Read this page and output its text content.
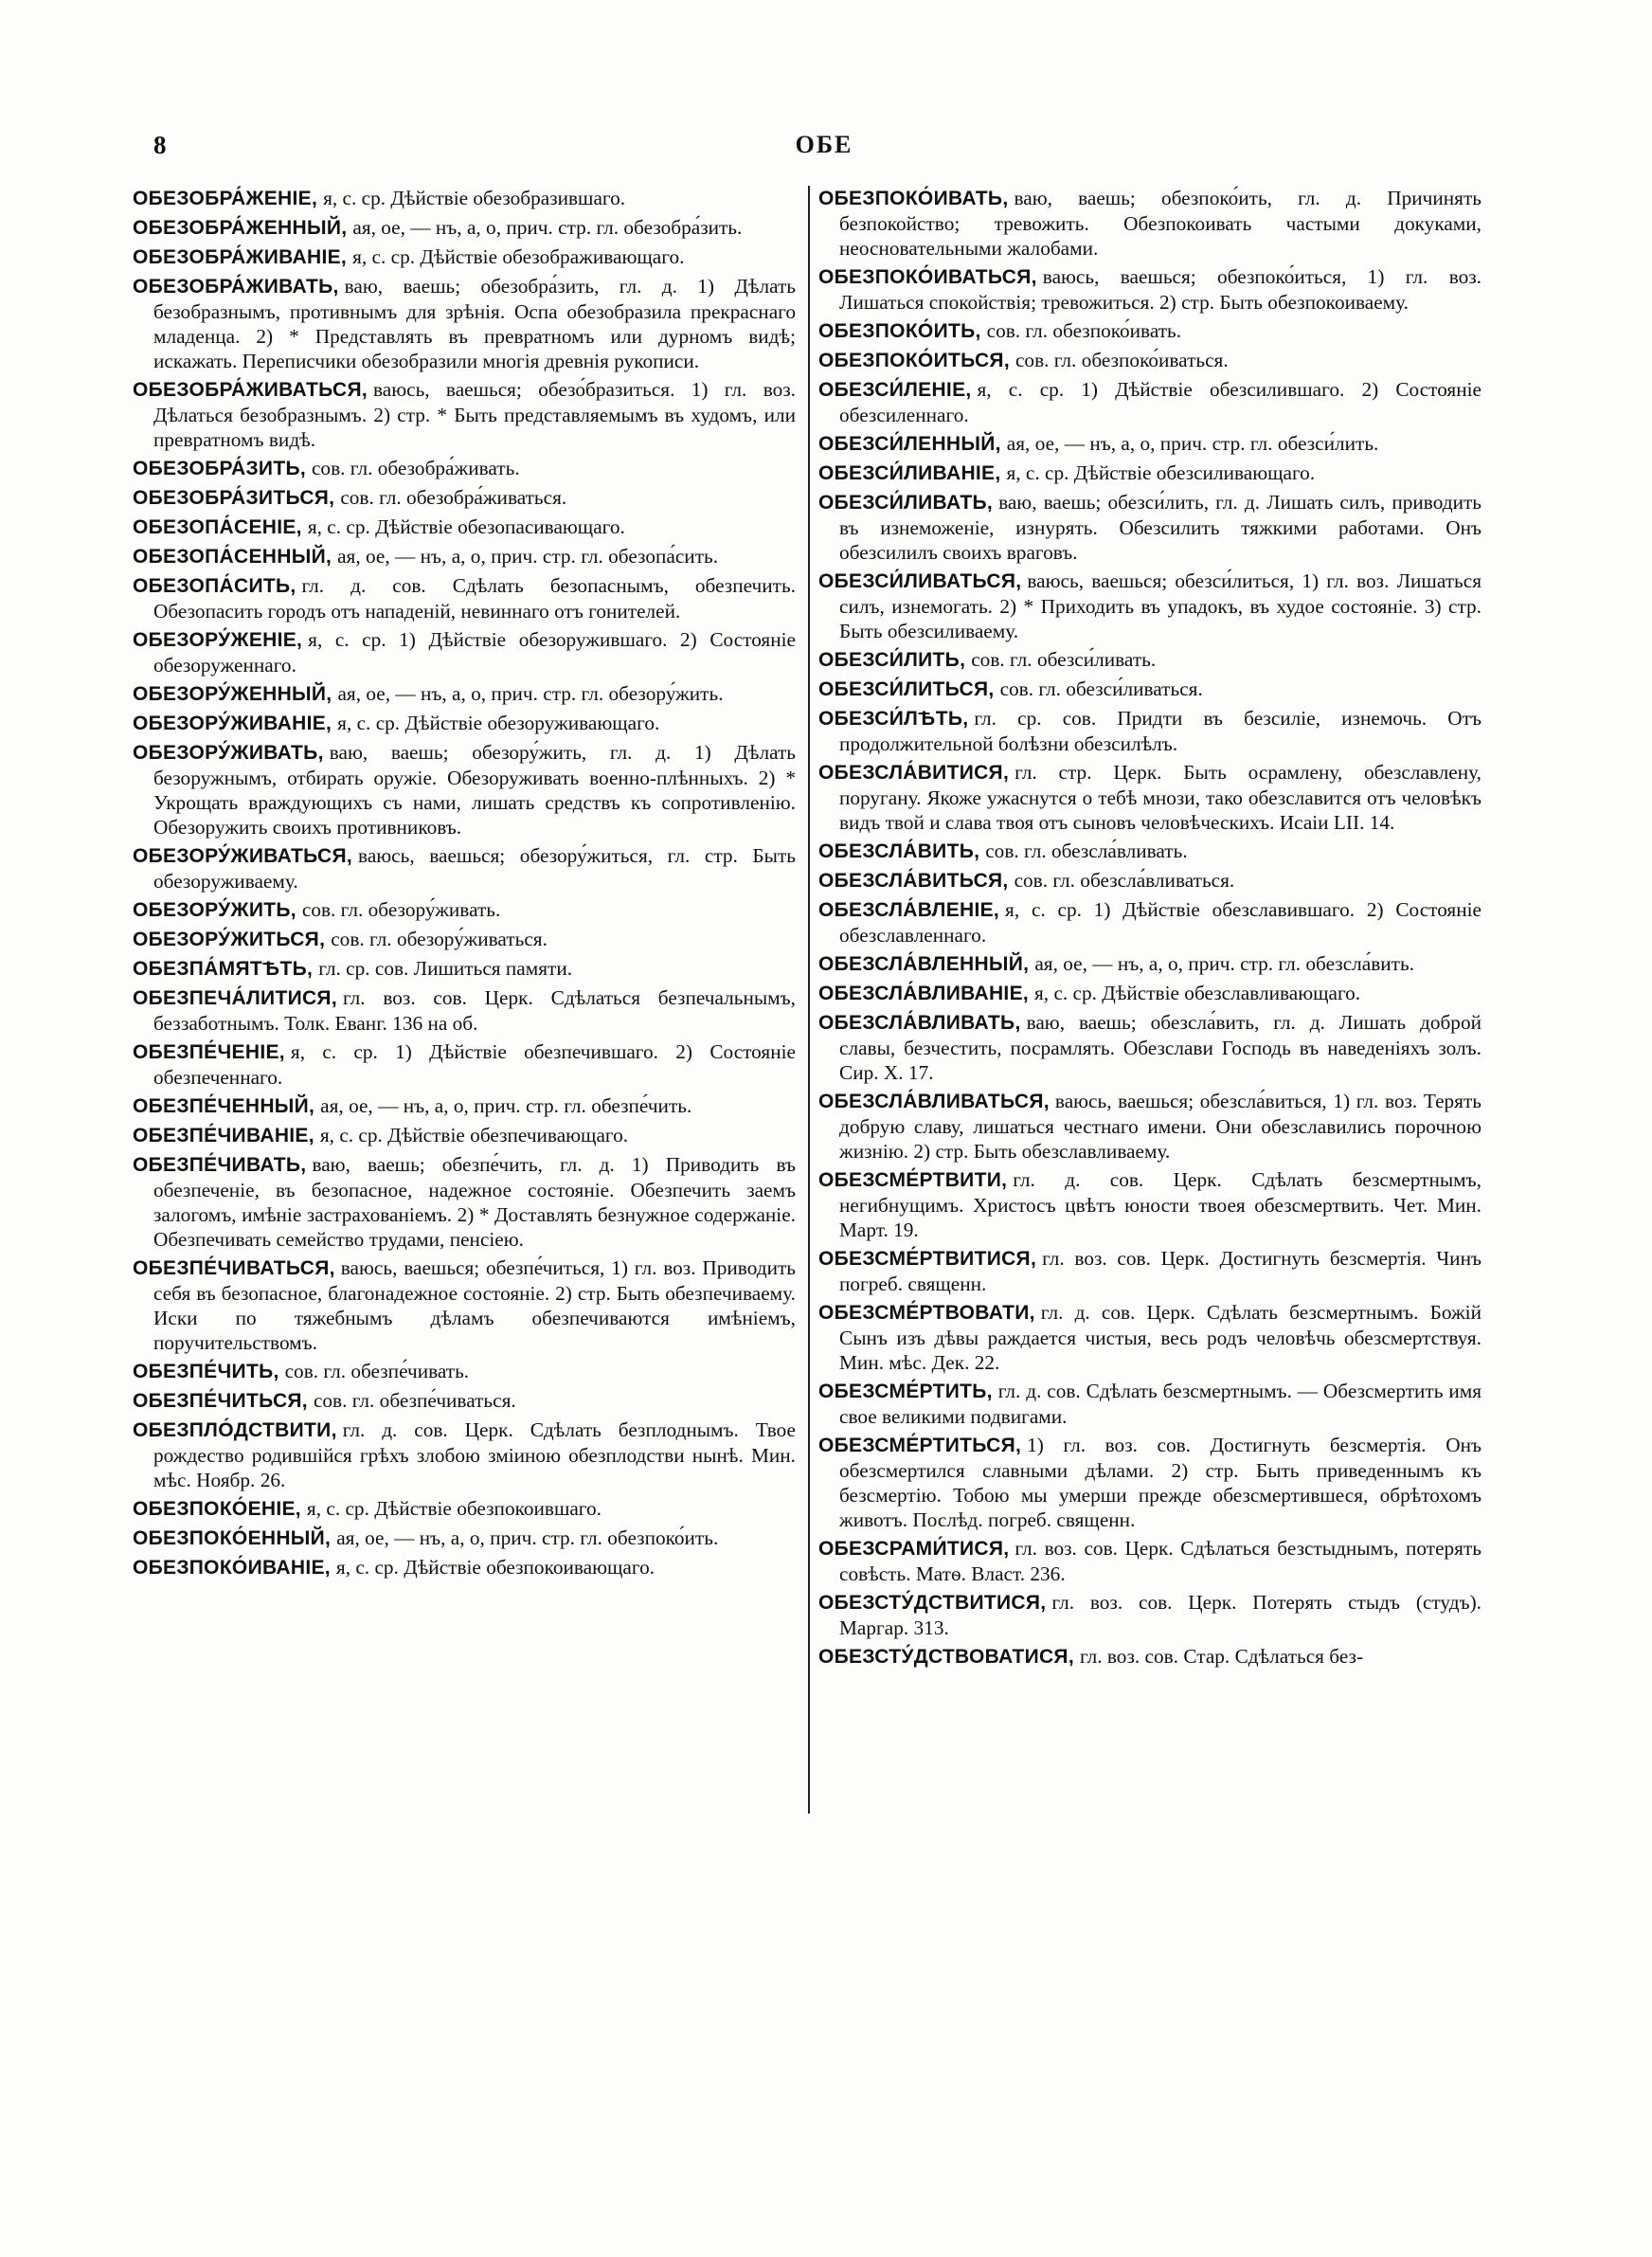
8	ОБЕ

ОБЕЗОБРА́ЖЕНІЕ, я, с. ср. Дѣйствіе обезобразившаго.

ОБЕЗОБРА́ЖЕННЫЙ, ая, ое, — нъ, а, о, прич. стр. гл. обезобра́зить.

ОБЕЗОБРА́ЖИВАНІЕ, я, с. ср. Дѣйствіе обезображивающаго.

ОБЕЗОБРА́ЖИВАТЬ, ваю, ваешь; обезобра́зить, гл. д. 1) Дѣлать безобразнымъ, противнымъ для зрѣнія. Оспа обезобразила прекраснаго младенца. 2) * Представлять въ превратномъ или дурномъ видѣ; искажать. Переписчики обезобразили многія древнія рукописи.

ОБЕЗОБРА́ЖИВАТЬСЯ, ваюсь, ваешься; обезо́бразиться. 1) гл. воз. Дѣлаться безобразнымъ. 2) стр. * Быть представляемымъ въ худомъ, или превратномъ видѣ.

ОБЕЗОБРА́ЗИТЬ, сов. гл. обезобра́живать.

ОБЕЗОБРА́ЗИТЬСЯ, сов. гл. обезобра́живаться.

ОБЕЗОПА́СЕНІЕ, я, с. ср. Дѣйствіе обезопасивающаго.

ОБЕЗОПА́СЕННЫЙ, ая, ое, — нъ, а, о, прич. стр. гл. обезопа́сить.

ОБЕЗОПА́СИТЬ, гл. д. сов. Сдѣлать безопаснымъ, обезпечить. Обезопасить городъ отъ нападеній, невиннаго отъ гонителей.

ОБЕЗОРУ́ЖЕНІЕ, я, с. ср. 1) Дѣйствіе обезоружившаго. 2) Состояніе обезоруженнаго.

ОБЕЗОРУ́ЖЕННЫЙ, ая, ое, — нъ, а, о, прич. стр. гл. обезору́жить.

ОБЕЗОРУ́ЖИВАНІЕ, я, с. ср. Дѣйствіе обезоруживающаго.

ОБЕЗОРУ́ЖИВАТЬ, ваю, ваешь; обезору́жить, гл. д. 1) Дѣлать безоружнымъ, отбирать оружіе. Обезоруживать военно-плѣнныхъ. 2) * Укрощать враждующихъ съ нами, лишать средствъ къ сопротивленію. Обезоружить своихъ противниковъ.

ОБЕЗОРУ́ЖИВАТЬСЯ, ваюсь, ваешься; обезору́житься, гл. стр. Быть обезоруживаему.

ОБЕЗОРУ́ЖИТЬ, сов. гл. обезору́живать.

ОБЕЗОРУ́ЖИТЬСЯ, сов. гл. обезору́живаться.

ОБЕЗПА́МЯТѢТЬ, гл. ср. сов. Лишиться памяти.

ОБЕЗПЕЧА́ЛИТИСЯ, гл. воз. сов. Церк. Сдѣлаться безпечальнымъ, беззаботнымъ. Толк. Еванг. 136 на об.

ОБЕЗПЕ́ЧЕНІЕ, я, с. ср. 1) Дѣйствіе обезпечившаго. 2) Состояніе обезпеченнаго.

ОБЕЗПЕ́ЧЕННЫЙ, ая, ое, — нъ, а, о, прич. стр. гл. обезпе́чить.

ОБЕЗПЕ́ЧИВАНІЕ, я, с. ср. Дѣйствіе обезпечивающаго.

ОБЕЗПЕ́ЧИВАТЬ, ваю, ваешь; обезпе́чить, гл. д. 1) Приводить въ обезпеченіе, въ безопасное, надежное состояніе. Обезпечить заемъ залогомъ, имѣніе застрахованіемъ. 2) * Доставлять безнужное содержаніе. Обезпечивать семейство трудами, пенсіею.

ОБЕЗПЕ́ЧИВАТЬСЯ, ваюсь, ваешься; обезпе́читься, 1) гл. воз. Приводить себя въ безопасное, благонадежное состояніе. 2) стр. Быть обезпечиваему. Иски по тяжебнымъ дѣламъ обезпечиваются имѣніемъ, поручительствомъ.

ОБЕЗПЕ́ЧИТЬ, сов. гл. обезпе́чивать.

ОБЕЗПЕ́ЧИТЬСЯ, сов. гл. обезпе́чиваться.

ОБЕЗПЛО́ДСТВИТИ, гл. д. сов. Церк. Сдѣлать безплоднымъ. Твое рождество родившійся грѣхъ злобою зміиною обезплодстви нынѣ. Мин. мѣс. Ноябр. 26.

ОБЕЗПОКО́ЕНІЕ, я, с. ср. Дѣйствіе обезпокоившаго.

ОБЕЗПОКО́ЕННЫЙ, ая, ое, — нъ, а, о, прич. стр. гл. обезпоко́ить.

ОБЕЗПОКО́ИВАНІЕ, я, с. ср. Дѣйствіе обезпокоивающаго.

ОБЕЗПОКО́ИВАТЬ, ваю, ваешь; обезпоко́ить, гл. д. Причинять безпокойство; тревожить. Обезпокоивать частыми докуками, неосновательными жалобами.

ОБЕЗПОКО́ИВАТЬСЯ, ваюсь, ваешься; обезпоко́иться, 1) гл. воз. Лишаться спокойствія; тревожиться. 2) стр. Быть обезпокоиваему.

ОБЕЗПОКО́ИТЬ, сов. гл. обезпоко́ивать.

ОБЕЗПОКО́ИТЬСЯ, сов. гл. обезпоко́иваться.

ОБЕЗСИ́ЛЕНІЕ, я, с. ср. 1) Дѣйствіе обезсилившаго. 2) Состояніе обезсиленнаго.

ОБЕЗСИ́ЛЕННЫЙ, ая, ое, — нъ, а, о, прич. стр. гл. обезси́лить.

ОБЕЗСИ́ЛИВАНІЕ, я, с. ср. Дѣйствіе обезсиливающаго.

ОБЕЗСИ́ЛИВАТЬ, ваю, ваешь; обезси́лить, гл. д. Лишать силъ, приводить въ изнеможеніе, изнурять. Обезсилить тяжкими работами. Онъ обезсилилъ своихъ враговъ.

ОБЕЗСИ́ЛИВАТЬСЯ, ваюсь, ваешься; обезси́литься, 1) гл. воз. Лишаться силъ, изнемогать. 2) * Приходить въ упадокъ, въ худое состояніе. 3) стр. Быть обезсиливаему.

ОБЕЗСИ́ЛИТЬ, сов. гл. обезси́ливать.

ОБЕЗСИ́ЛИТЬСЯ, сов. гл. обезси́ливаться.

ОБЕЗСИ́ЛѢТЬ, гл. ср. сов. Придти въ безсиліе, изнемочь. Отъ продолжительной болѣзни обезсилѣлъ.

ОБЕЗСЛА́ВИТИСЯ, гл. стр. Церк. Быть осрамлену, обезславлену, поругану. Якоже ужаснутся о тебѣ мнози, тако обезславится отъ человѣкъ видъ твой и слава твоя отъ сыновъ человѣческихъ. Исаіи LII. 14.

ОБЕЗСЛА́ВИТЬ, сов. гл. обезсла́вливать.

ОБЕЗСЛА́ВИТЬСЯ, сов. гл. обезсла́вливаться.

ОБЕЗСЛА́ВЛЕНІЕ, я, с. ср. 1) Дѣйствіе обезславившаго. 2) Состояніе обезславленнаго.

ОБЕЗСЛА́ВЛЕННЫЙ, ая, ое, — нъ, а, о, прич. стр. гл. обезсла́вить.

ОБЕЗСЛА́ВЛИВАНІЕ, я, с. ср. Дѣйствіе обезславливающаго.

ОБЕЗСЛА́ВЛИВАТЬ, ваю, ваешь; обезсла́вить, гл. д. Лишать доброй славы, безчестить, посрамлять. Обезслави Господь въ наведеніяхъ золъ. Сир. X. 17.

ОБЕЗСЛА́ВЛИВАТЬСЯ, ваюсь, ваешься; обезсла́виться, 1) гл. воз. Терять добрую славу, лишаться честнаго имени. Они обезславились порочною жизнію. 2) стр. Быть обезславливаему.

ОБЕЗСМЕ́РТВИТИ, гл. д. сов. Церк. Сдѣлать безсмертнымъ, негибнущимъ. Христосъ цвѣтъ юности твоея обезсмертвить. Чет. Мин. Март. 19.

ОБЕЗСМЕ́РТВИТИСЯ, гл. воз. сов. Церк. Достигнуть безсмертія. Чинъ погреб. священн.

ОБЕЗСМЕ́РТВОВАТИ, гл. д. сов. Церк. Сдѣлать безсмертнымъ. Божій Сынъ изъ дѣвы раждается чистыя, весь родъ человѣчь обезсмертствуя. Мин. мѣс. Дек. 22.

ОБЕЗСМЕ́РТИТЬ, гл. д. сов. Сдѣлать безсмертнымъ. — Обезсмертить имя свое великими подвигами.

ОБЕЗСМЕ́РТИТЬСЯ, 1) гл. воз. сов. Достигнуть безсмертія. Онъ обезсмертился славными дѣлами. 2) стр. Быть приведеннымъ къ безсмертію. Тобою мы умерши прежде обезсмертившеся, обрѣтохомъ животъ. Послѣд. погреб. священн.

ОБЕЗСРАМИ́ТИСЯ, гл. воз. сов. Церк. Сдѣлаться безстыднымъ, потерять совѣсть. Матѳ. Власт. 236.

ОБЕЗСТУ́ДСТВИТИСЯ, гл. воз. сов. Церк. Потерять стыдъ (студъ). Маргар. 313.

ОБЕЗСТУ́ДСТВОВАТИСЯ, гл. воз. сов. Стар. Сдѣлаться без-
